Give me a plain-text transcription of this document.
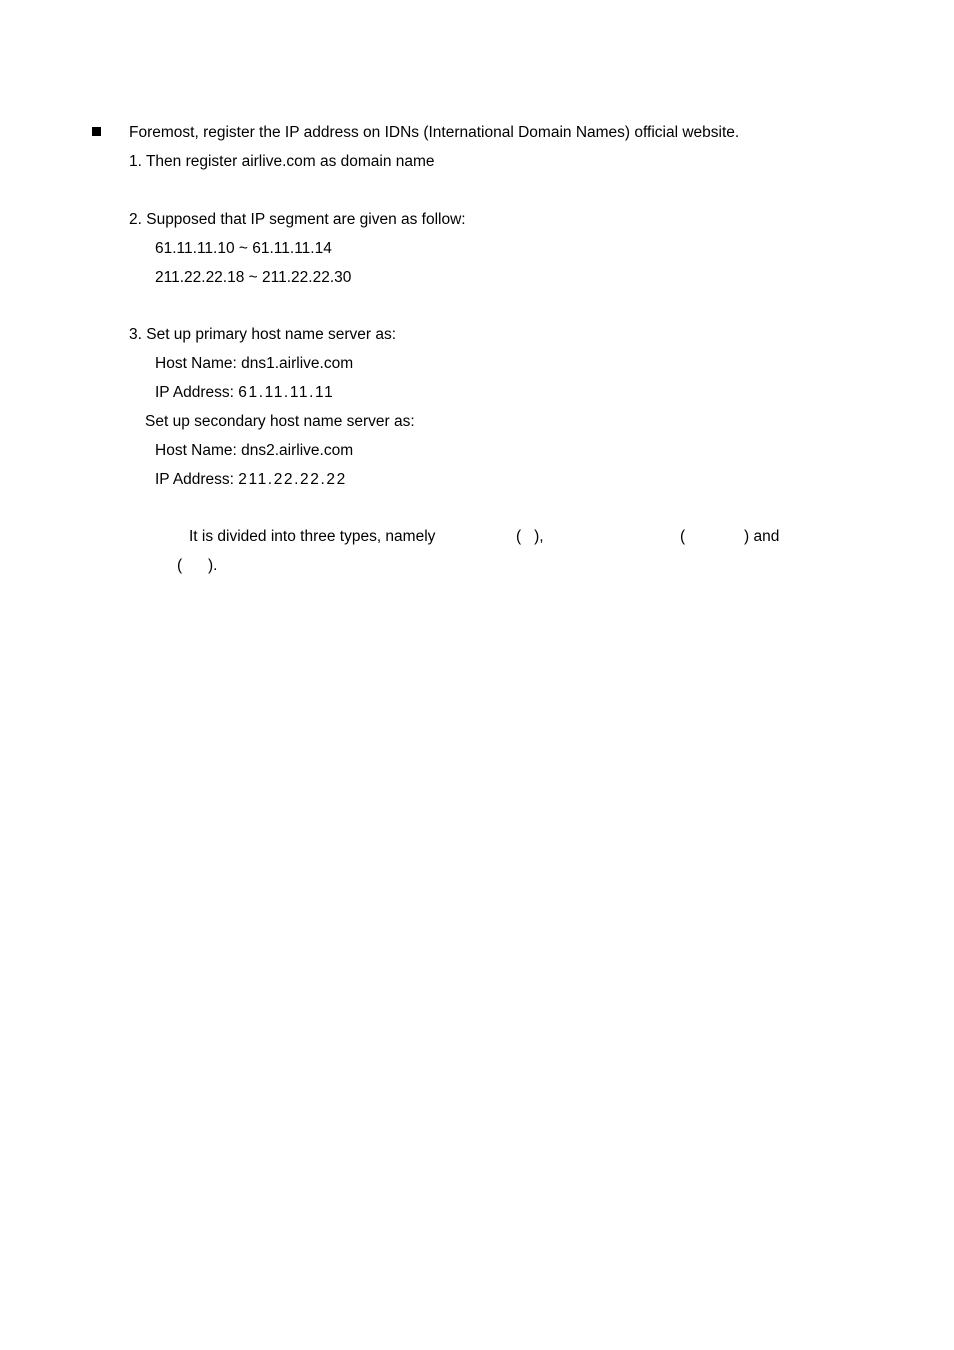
Foremost, register the IP address on IDNs (International Domain Names) official website.
1. Then register airlive.com as domain name
2. Supposed that IP segment are given as follow:
61.11.11.10 ~ 61.11.11.14
211.22.22.18 ~ 211.22.22.30
3. Set up primary host name server as:
Host Name: dns1.airlive.com
IP Address: 61.11.11.11
Set up secondary host name server as:
Host Name: dns2.airlive.com
IP Address: 211.22.22.22
It is divided into three types, namely	(   ),	(	) and
(      ).
